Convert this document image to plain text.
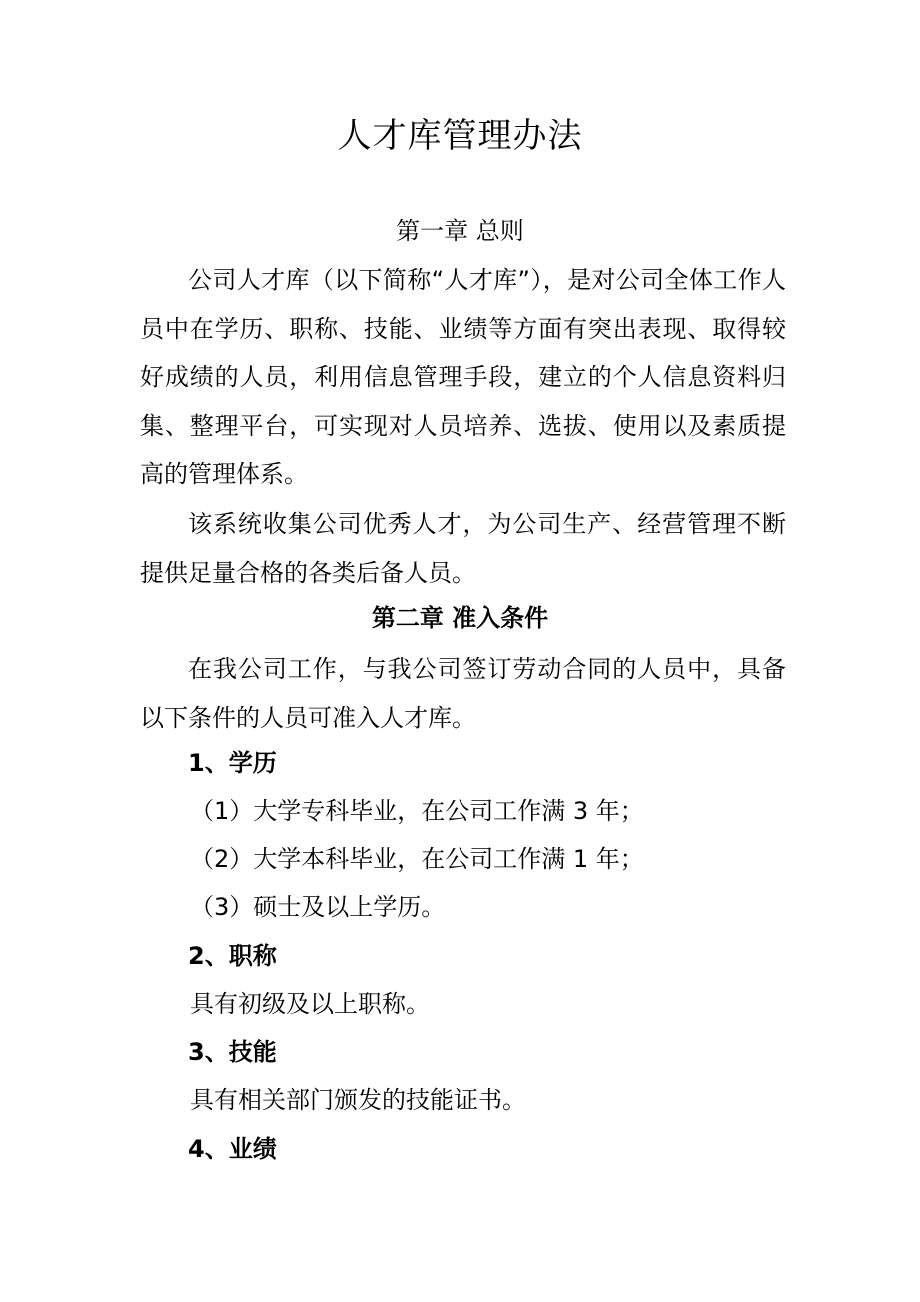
人才库管理办法
第一章 总则

公司人才库（以下简称“人才库”），是对公司全体工作人员中在学历、职称、技能、业绩等方面有突出表现、取得较好成绩的人员，利用信息管理手段，建立的个人信息资料归集、整理平台，可实现对人员培养、选拔、使用以及素质提高的管理体系。

该系统收集公司优秀人才，为公司生产、经营管理不断提供足量合格的各类后备人员。

第二章 准入条件

在我公司工作，与我公司签订劳动合同的人员中，具备以下条件的人员可准入人才库。

1、学历
（1）大学专科毕业，在公司工作满 3 年；
（2）大学本科毕业，在公司工作满 1 年；
（3）硕士及以上学历。
2、职称
具有初级及以上职称。
3、技能
具有相关部门颁发的技能证书。
4、业绩
